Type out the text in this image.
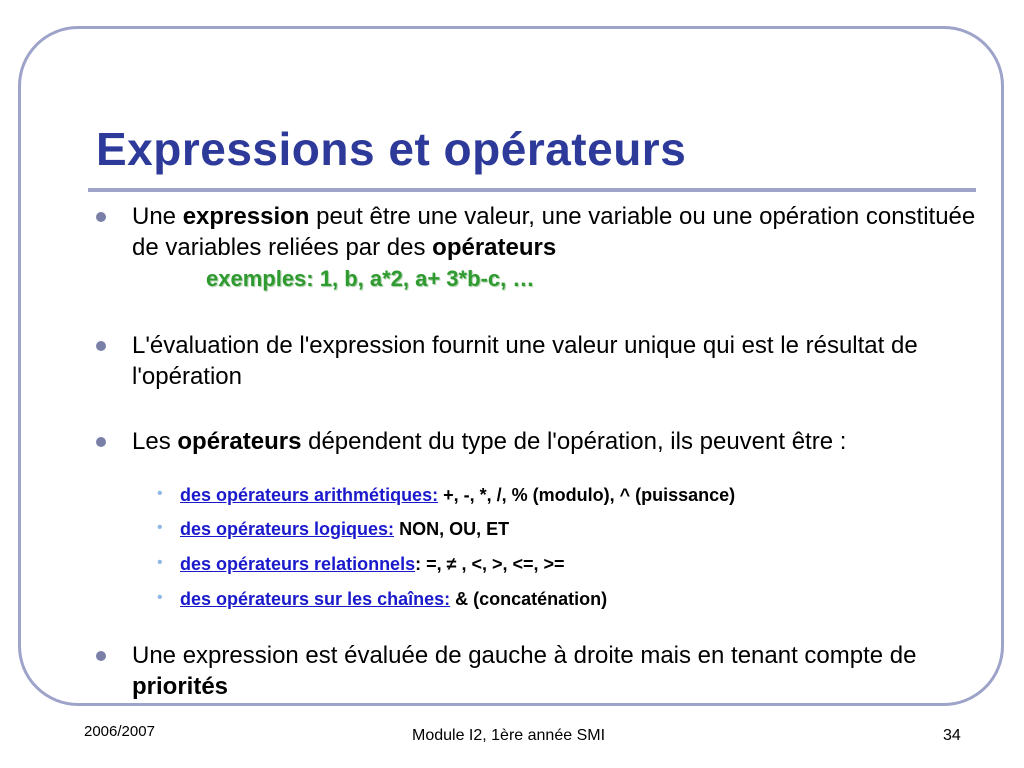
Expressions et opérateurs
Une expression peut être une valeur, une variable ou une opération constituée de variables reliées par des opérateurs
exemples: 1, b, a*2, a+ 3*b-c, …
L'évaluation de l'expression fournit une valeur unique qui est le résultat de l'opération
Les opérateurs dépendent du type de l'opération, ils peuvent être :
• des opérateurs arithmétiques: +, -, *, /, % (modulo), ^ (puissance)
• des opérateurs logiques: NON, OU, ET
• des opérateurs relationnels: =, ≠ , <, >, <=, >=
• des opérateurs sur les chaînes: & (concaténation)
Une expression est évaluée de gauche à droite mais en tenant compte de priorités
2006/2007	Module I2, 1ère année SMI	34
